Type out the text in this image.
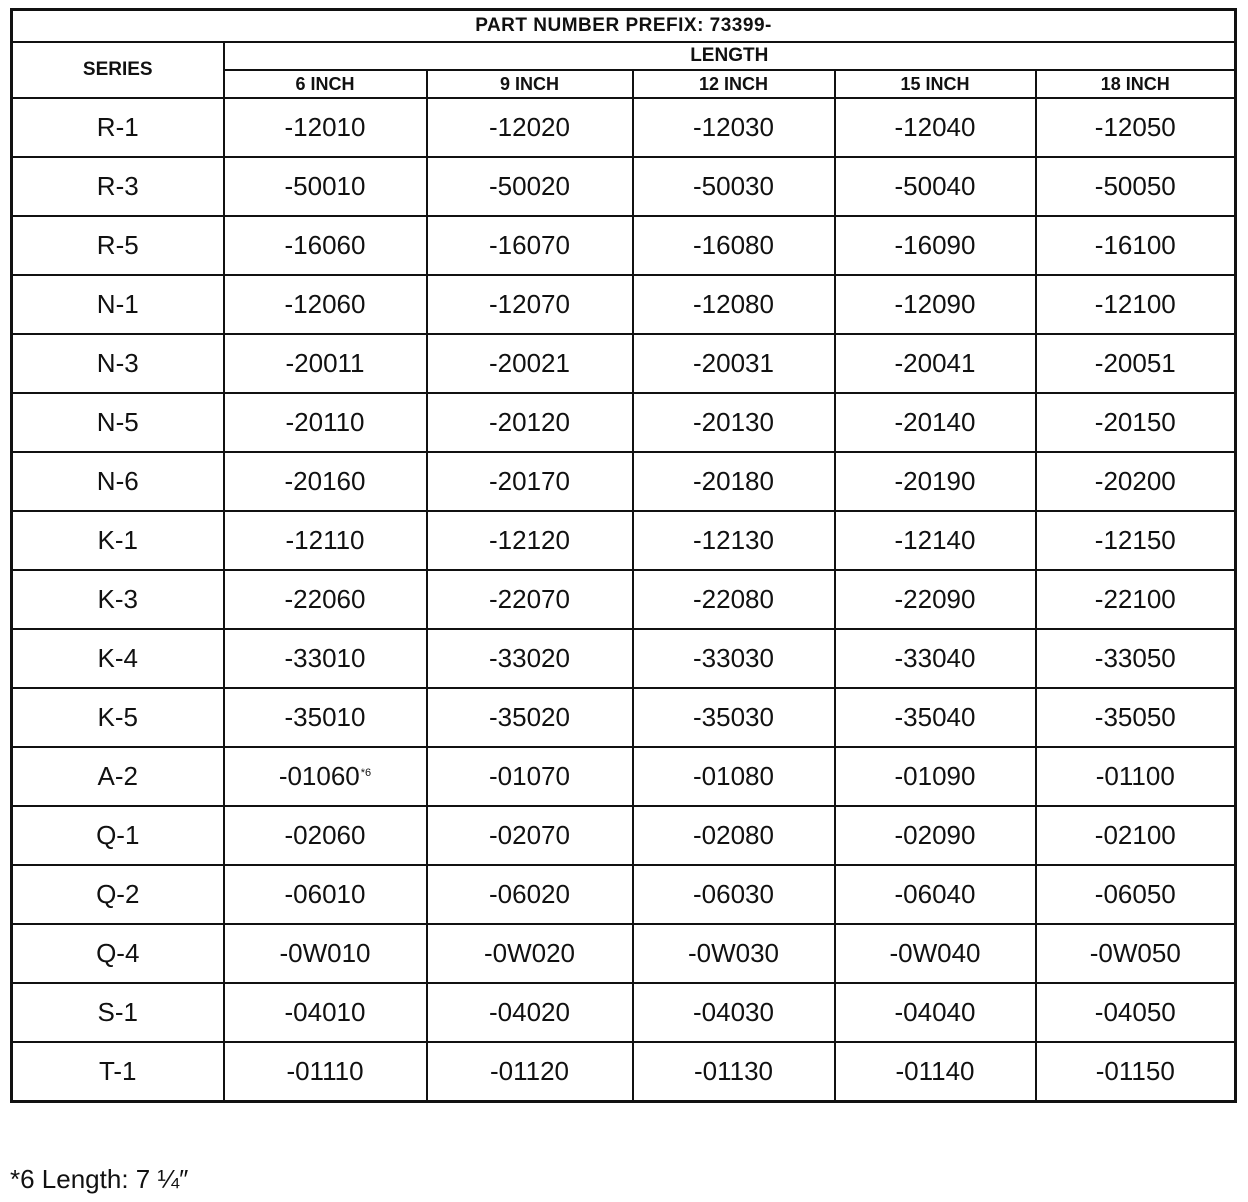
PART NUMBER PREFIX: 73399-					
SERIES	LENGTH				
	6 INCH	9 INCH	12 INCH	15 INCH	18 INCH
R-1	-12010	-12020	-12030	-12040	-12050
R-3	-50010	-50020	-50030	-50040	-50050
R-5	-16060	-16070	-16080	-16090	-16100
N-1	-12060	-12070	-12080	-12090	-12100
N-3	-20011	-20021	-20031	-20041	-20051
N-5	-20110	-20120	-20130	-20140	-20150
N-6	-20160	-20170	-20180	-20190	-20200
K-1	-12110	-12120	-12130	-12140	-12150
K-3	-22060	-22070	-22080	-22090	-22100
K-4	-33010	-33020	-33030	-33040	-33050
K-5	-35010	-35020	-35030	-35040	-35050
A-2	-01060$^{*6}$	-01070	-01080	-01090	-01100
Q-1	-02060	-02070	-02080	-02090	-02100
Q-2	-06010	-06020	-06030	-06040	-06050
Q-4	-0W010	-0W020	-0W030	-0W040	-0W050
S-1	-04010	-04020	-04030	-04040	-04050
T-1	-01110	-01120	-01130	-01140	-01150
*6 Length: 7 ¼″
